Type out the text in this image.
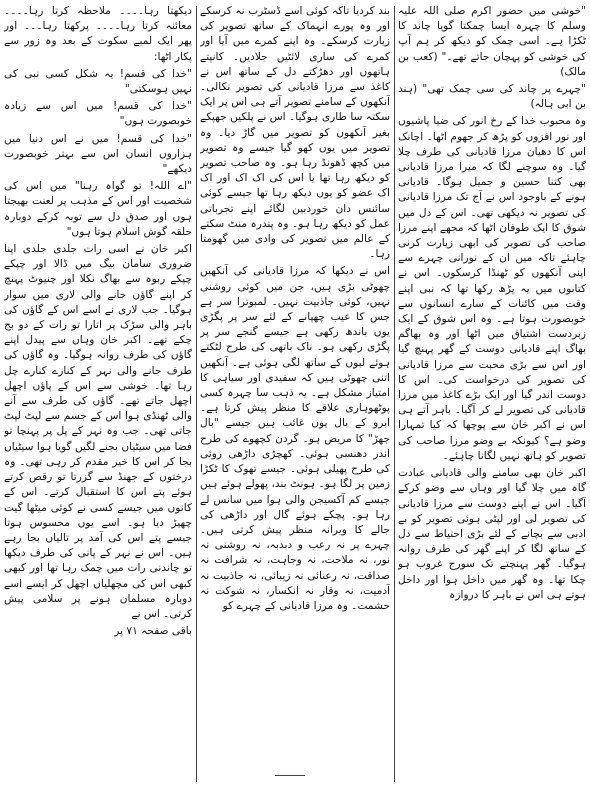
"خوشی میں حضور اکرم صلی اللہ علیہ وسلم کا چہرہ ایسا چمکتا گویا چاند کا ٹکڑا ہے۔ اسی چمک کو دیکھ کر ہم آپ کی خوشی کو پہچان جاتے تھے۔" (کعب بن مالک)

"چہرے پر چاند کی سی چمک تھی" (ہند بن ابی ہالہ)

وہ محبوب خدا کے رخ انور کی ضیا پاشیوں اور نور افزوں کو پڑھ کر جھوم اٹھا۔ اچانک اس کا دھیان مرزا قادیانی کی طرف چلا گیا۔ وہ سوچنے لگا کہ میرا مرزا قادیانی بھی کتنا حسین و جمیل ہوگا۔ قادیانی ہونے کے باوجود اس نے آج تک مرزا قادیانی کی تصویر نہ دیکھی تھی۔ اس کے دل میں شوق کا ایک طوفان اٹھا کہ مجھے اپنے مرزا صاحب کی تصویر کی ابھی زیارت کرنی چاہئے تاکہ میں ان کے نورانی چہرے سے اپنی آنکھوں کو ٹھنڈا کرسکوں۔ اس نے کتابوں میں یہ پڑھ رکھا تھا کہ نبی اپنے وقت میں کائنات کے سارے انسانوں سے خوبصورت ہوتا ہے۔ وہ اس شوق کے ایک زبردست اشتیاق میں اٹھا اور وہ بھاگم بھاگ اپنے قادیانی دوست کے گھر پہنچ گیا اور اس سے بڑی محبت سے مرزا قادیانی کی تصویر کی درخواست کی۔ اس کا دوست اندر گیا اور ایک بڑے کاغذ میں مرزا قادیانی کی تصویر لے کر آگیا۔ باہر آتے ہی اس نے اکبر خان سے پوچھا کہ کیا تمہارا وضو ہے؟ کیونکہ بے وضو مرزا صاحب کی تصویر کو ہاتھ نہیں لگانا چاہئے۔

اکبر خان بھی سامنے والی قادیانی عبادت گاہ میں چلا گیا اور وہاں سے وضو کرکے آگیا۔ اس نے اپنے دوست سے مرزا قادیانی کی تصویر لی اور لپٹی ہوئی تصویر کو بے ادبی سے بچانے کے لئے بڑی احتیاط سے دل کے ساتھ لگا کر اپنے گھر کی طرف روانہ ہوگیا۔ گھر پہنچتے تک سورج غروب ہو چکا تھا۔ وہ گھر میں داخل ہوا اور داخل ہوتے ہی اس نے باہر کا دروازہ

بند کردیا تاکہ کوئی اسے ڈسٹرب نہ کرسکے اور وہ پورے انہماک کے ساتھ تصویر کی زیارت کرسکے۔ وہ اپنے کمرے میں آیا اور کمرے کی ساری لائٹیں جلادیں۔ کانپتے ہاتھوں اور دھڑکتے دل کے ساتھ اس نے کاغذ سے مرزا قادیانی کی تصویر نکالی۔ آنکھوں کے سامنے تصویر آتے ہی اس پر ایک سکتہ سا طاری ہوگیا۔ اس نے پلکیں جھپکے بغیر آنکھوں کو تصویر میں گاڑ دیا۔ وہ تصویر میں یوں کھو گیا جیسے وہ تصویر میں کچھ ڈھونڈ رہا ہو۔ وہ صاحب تصویر کو دیکھ رہا تھا یا اس کی اک اک اور اک اک عضو کو یوں دیکھ رہا تھا جیسے کوئی سائنس دان خوردبین لگائے اپنے تجرباتی عمل کو دیکھ رہا ہو۔ وہ پندرہ منٹ سکتے کے عالم میں تصویر کی وادی میں گھومتا رہا۔

اس نے دیکھا کہ مرزا قادیانی کی آنکھیں چھوٹی بڑی ہیں، جن میں کوئی روشنی نہیں، کوئی جاذبیت نہیں۔ لمبوترا سر ہے جس کا عیب چھپانے کے لئے سر پر پگڑی یوں باندھ رکھی ہے جیسے گنجے سر پر پگڑی رکھی ہو۔ ناک باتھی کی طرح لٹکتے ہوئے لبوں کے ساتھ لگی ہوئی ہے۔ آنکھیں اتنی چھوٹی ہیں کہ سفیدی اور سیاہی کا امتیاز مشکل ہے۔ یہ ذہب سا چہرہ کسی پوٹھوہاری علاقے کا منظر پیش کرتا ہے۔ ابرو کے بال یوں غائب ہیں جیسے "بال جھڑ" کا مریض ہو۔ گردن کچھوے کی طرح اندر دھنسی ہوئی۔ کھچڑی داڑھی روئی کی طرح پھیلی ہوئی۔ جیسے تھوک کا ٹکڑا زمین پر لگا ہو۔ ہونٹ بند، پھولے ہوئے ہیں جیسے کم آکسیجن والی ہوا میں سانس لے رہا ہو۔ پچکے ہوئے گال اور داڑھی کی جالے کا ویرانہ منظر پیش کرتی ہیں۔ چہرے پر نہ رعب و دبدبہ، نہ روشنی نہ نور، نہ ملاحت، نہ وجاہت، نہ شرافت نہ صداقت، نہ رعنائی نہ زیبائی، نہ جاذبیت نہ آدمیت، نہ وقار نہ انکسار، نہ شوکت نہ حشمت۔ وہ مرزا قادیانی کے چہرے کو

دیکھتا رہا۔۔۔۔ ملاحظہ کرتا رہا۔۔۔۔ معائنہ کرتا رہا۔۔۔۔ پرکھتا رہا۔۔۔ اور پھر ایک لمبے سکوت کے بعد وہ زور سے پکار اٹھا:

"خدا کی قسم! یہ شکل کسی نبی کی نہیں ہوسکتی"

"خدا کی قسم! میں اس سے زیادہ خوبصورت ہوں"

"خدا کی قسم! میں نے اس دنیا میں ہزاروں انسان اس سے بہتر خوبصورت دیکھے"

"اے اللہ! تو گواہ رہنا" میں اس کی شخصیت اور اس کے مذہب پر لعنت بھیجتا ہوں اور صدق دل سے توبہ کرکے دوبارہ حلقہ گوش اسلام ہوتا ہوں"

اکبر خان نے اسی رات جلدی جلدی اپنا ضروری سامان بیگ میں ڈالا اور چپکے چپکے ربوہ سے بھاگ نکلا اور چنیوٹ پہنچ کر اپنے گاؤں جانے والی لاری میں سوار ہوگیا۔ جب لاری نے اسے اس کے گاؤں کی باہر والی سڑک پر اتارا تو رات کے دو بج چکے تھے۔ اکبر خان وہاں سے پیدل اپنے گاؤں کی طرف روانہ ہوگیا۔ وہ گاؤں کی طرف جانے والی نہر کے کنارے کنارے چل رہا تھا۔ خوشی سے اس کے پاؤں اچھل اچھل جاتے تھے۔ گاؤں کی طرف سے آنے والی ٹھنڈی ہوا اس کے جسم سے لپٹ لپٹ جاتی تھی۔ جب وہ نہر کے پل پر پہنچا تو فضا میں سیٹیاں بجنے لگیں گویا ہوا سیٹیاں بجا کر اس کا خیر مقدم کر رہی تھی۔ وہ درختوں کے جھنڈ سے گزرتا تو رقص کرتے ہوئے پتے اس کا استقبال کرتے۔ اس کے کانوں میں جیسے کسی نے کوئی میٹھا گیت چھیڑ دیا ہو۔ اسے یوں محسوس ہوتا جیسے پتے اس کی آمد پر تالیاں بجا رہے ہیں۔ اس نے نہر کے پانی کی طرف دیکھا تو چاندنی رات میں چمک رہا تھا اور کبھی کبھی اس کی مچھلیاں اچھل کر ایسے اسے دوبارہ مسلمان ہونے پر سلامی پیش کرتی۔ اس نے

باقی صفحہ ۷۱ پر
